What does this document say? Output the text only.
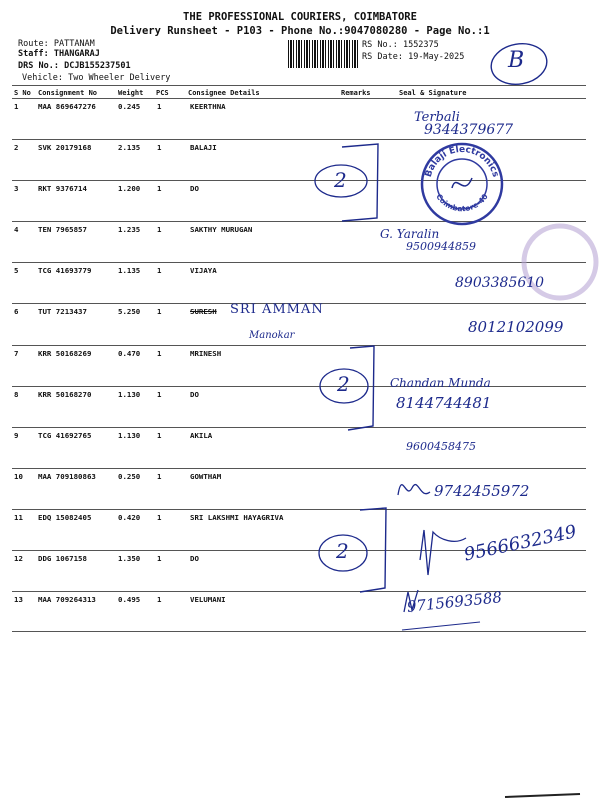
THE PROFESSIONAL COURIERS, COIMBATORE
Delivery Runsheet - P103 - Phone No.:9047080280 - Page No.:1
Route: PATTANAM
Staff: THANGARAJ
DRS No.: DCJB155237501
Vehicle: Two Wheeler Delivery
RS No.: 1552375
RS Date: 19-May-2025
S No Consignment No	Weight PCS	Consignee Details	Remarks	Seal & Signature
1	MAA 869647276	0.245 1	KEERTHNA
2	SVK 20179168	2.135 1	BALAJI
3	RKT 9376714	1.200 1	DO
4	TEN 7965857	1.235 1	SAKTHY MURUGAN
5	TCG 41693779	1.135 1	VIJAYA
6	TUT 7213437	5.250 1	SURESH
7	KRR 50168269	0.470 1	MRINESH
8	KRR 50168270	1.130 1	DO
9	TCG 41692765	1.130 1	AKILA
10 MAA 709180863	0.250 1	GOWTHAM
11 EDQ 15082405	0.420 1	SRI LAKSHMI HAYAGRIVA
12 DDG 1067158	1.350 1	DO
13 MAA 709264313	0.495 1	VELUMANI
Balaji Electronics
Coimbatore-40
B
SRI AMMAN
Manokar
2
2
2
Terbali
9344379677
G. Yaralin
9500944859
8903385610
8012102099
Chandan Munda
8144744481
9600458475
9742455972
9566632349
9715693588
